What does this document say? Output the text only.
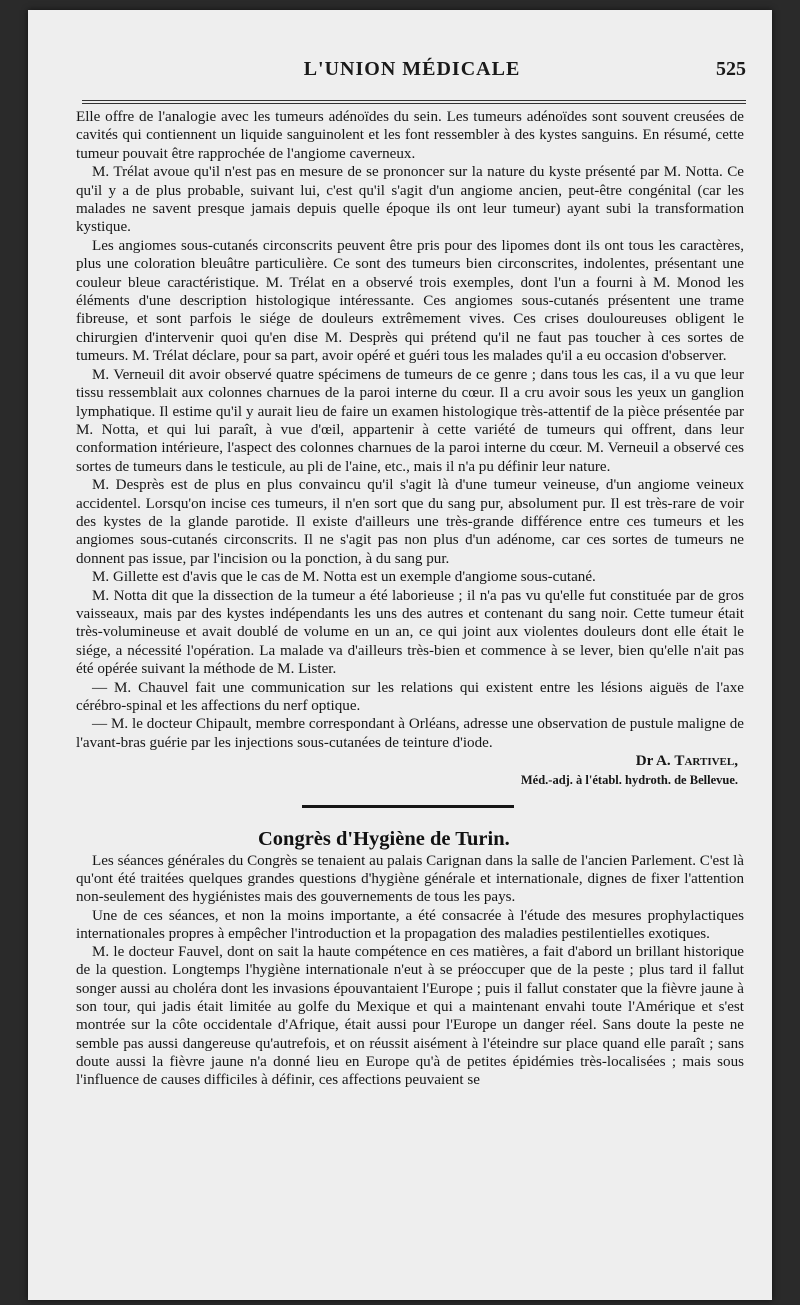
L'UNION MÉDICALE	525

Elle offre de l'analogie avec les tumeurs adénoïdes du sein. Les tumeurs adénoïdes sont souvent creusées de cavités qui contiennent un liquide sanguinolent et les font ressembler à des kystes sanguins. En résumé, cette tumeur pouvait être rapprochée de l'angiome caverneux.

M. Trélat avoue qu'il n'est pas en mesure de se prononcer sur la nature du kyste présenté par M. Notta. Ce qu'il y a de plus probable, suivant lui, c'est qu'il s'agit d'un angiome ancien, peut-être congénital (car les malades ne savent presque jamais depuis quelle époque ils ont leur tumeur) ayant subi la transformation kystique.

Les angiomes sous-cutanés circonscrits peuvent être pris pour des lipomes dont ils ont tous les caractères, plus une coloration bleuâtre particulière. Ce sont des tumeurs bien circonscrites, indolentes, présentant une couleur bleue caractéristique. M. Trélat en a observé trois exemples, dont l'un a fourni à M. Monod les éléments d'une description histologique intéressante. Ces angiomes sous-cutanés présentent une trame fibreuse, et sont parfois le siége de douleurs extrêmement vives. Ces crises douloureuses obligent le chirurgien d'intervenir quoi qu'en dise M. Desprès qui prétend qu'il ne faut pas toucher à ces sortes de tumeurs. M. Trélat déclare, pour sa part, avoir opéré et guéri tous les malades qu'il a eu occasion d'observer.

M. Verneuil dit avoir observé quatre spécimens de tumeurs de ce genre ; dans tous les cas, il a vu que leur tissu ressemblait aux colonnes charnues de la paroi interne du cœur. Il a cru avoir sous les yeux un ganglion lymphatique. Il estime qu'il y aurait lieu de faire un examen histologique très-attentif de la pièce présentée par M. Notta, et qui lui paraît, à vue d'œil, appartenir à cette variété de tumeurs qui offrent, dans leur conformation intérieure, l'aspect des colonnes charnues de la paroi interne du cœur. M. Verneuil a observé ces sortes de tumeurs dans le testicule, au pli de l'aine, etc., mais il n'a pu définir leur nature.

M. Desprès est de plus en plus convaincu qu'il s'agit là d'une tumeur veineuse, d'un angiome veineux accidentel. Lorsqu'on incise ces tumeurs, il n'en sort que du sang pur, absolument pur. Il est très-rare de voir des kystes de la glande parotide. Il existe d'ailleurs une très-grande différence entre ces tumeurs et les angiomes sous-cutanés circonscrits. Il ne s'agit pas non plus d'un adénome, car ces sortes de tumeurs ne donnent pas issue, par l'incision ou la ponction, à du sang pur.

M. Gillette est d'avis que le cas de M. Notta est un exemple d'angiome sous-cutané.

M. Notta dit que la dissection de la tumeur a été laborieuse ; il n'a pas vu qu'elle fut constituée par de gros vaisseaux, mais par des kystes indépendants les uns des autres et contenant du sang noir. Cette tumeur était très-volumineuse et avait doublé de volume en un an, ce qui joint aux violentes douleurs dont elle était le siége, a nécessité l'opération. La malade va d'ailleurs très-bien et commence à se lever, bien qu'elle n'ait pas été opérée suivant la méthode de M. Lister.

— M. Chauvel fait une communication sur les relations qui existent entre les lésions aiguës de l'axe cérébro-spinal et les affections du nerf optique.

— M. le docteur Chipault, membre correspondant à Orléans, adresse une observation de pustule maligne de l'avant-bras guérie par les injections sous-cutanées de teinture d'iode.

Dr A. Tartivel,

Méd.-adj. à l'établ. hydroth. de Bellevue.

Congrès d'Hygiène de Turin.

Les séances générales du Congrès se tenaient au palais Carignan dans la salle de l'ancien Parlement. C'est là qu'ont été traitées quelques grandes questions d'hygiène générale et internationale, dignes de fixer l'attention non-seulement des hygiénistes mais des gouvernements de tous les pays.

Une de ces séances, et non la moins importante, a été consacrée à l'étude des mesures prophylactiques internationales propres à empêcher l'introduction et la propagation des maladies pestilentielles exotiques.

M. le docteur Fauvel, dont on sait la haute compétence en ces matières, a fait d'abord un brillant historique de la question. Longtemps l'hygiène internationale n'eut à se préoccuper que de la peste ; plus tard il fallut songer aussi au choléra dont les invasions épouvantaient l'Europe ; puis il fallut constater que la fièvre jaune à son tour, qui jadis était limitée au golfe du Mexique et qui a maintenant envahi toute l'Amérique et s'est montrée sur la côte occidentale d'Afrique, était aussi pour l'Europe un danger réel. Sans doute la peste ne semble pas aussi dangereuse qu'autrefois, et on réussit aisément à l'éteindre sur place quand elle paraît ; sans doute aussi la fièvre jaune n'a donné lieu en Europe qu'à de petites épidémies très-localisées ; mais sous l'influence de causes difficiles à définir, ces affections peuvaient se
